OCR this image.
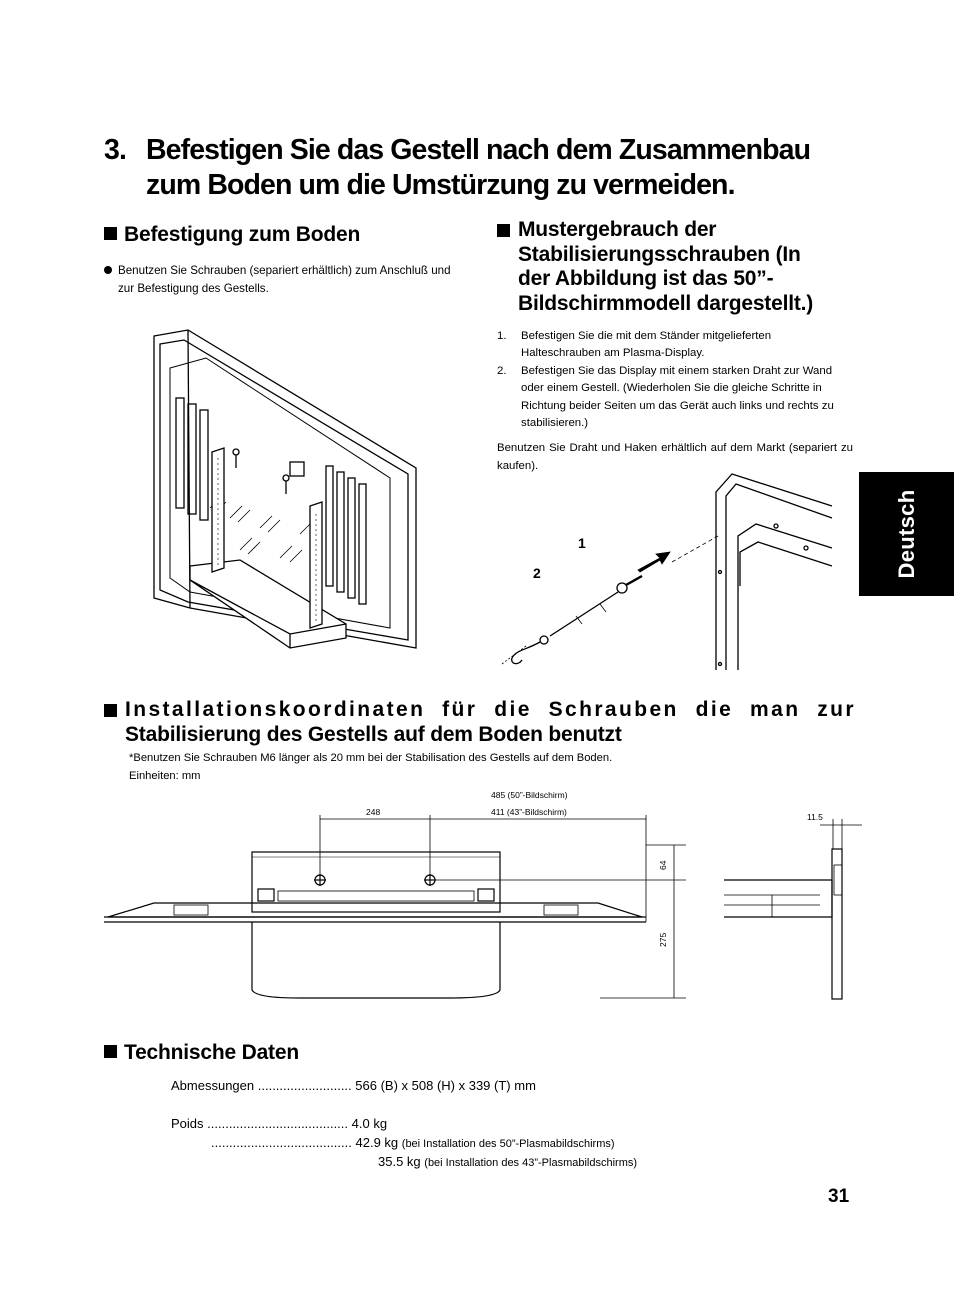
3. Befestigen Sie das Gestell nach dem Zusammenbau
zum Boden um die Umstürzung zu vermeiden.
Befestigung zum Boden
Benutzen Sie Schrauben (separiert erhältlich) zum Anschluß und zur Befestigung des Gestells.
Mustergebrauch der
Stabilisierungsschrauben (In
der Abbildung ist das 50”-
Bildschirmmodell dargestellt.)
1. Befestigen Sie die mit dem Ständer mitgelieferten Halteschrauben am Plasma-Display.
2. Befestigen Sie das Display mit einem starken Draht zur Wand oder einem Gestell. (Wiederholen Sie die gleiche Schritte in Richtung beider Seiten um das Gerät auch links und rechts zu stabilisieren.)
Benutzen Sie Draht und Haken erhältlich auf dem Markt (separiert zu kaufen).
1
2
Installationskoordinaten für die Schrauben die man zur
Stabilisierung des Gestells auf dem Boden benutzt
*Benutzen Sie Schrauben M6 länger als 20 mm bei der Stabilisation des Gestells auf dem Boden.
Einheiten: mm
485 (50”-Bildschirm)
411 (43”-Bildschirm)
248
64
275
11.5
Technische Daten
Abmessungen .......................... 566 (B) x 508 (H) x 339 (T) mm
Poids ....................................... 4.0 kg
....................................... 42.9 kg (bei Installation des 50”-Plasmabildschirms)
35.5 kg (bei Installation des 43”-Plasmabildschirms)
Deutsch
31
